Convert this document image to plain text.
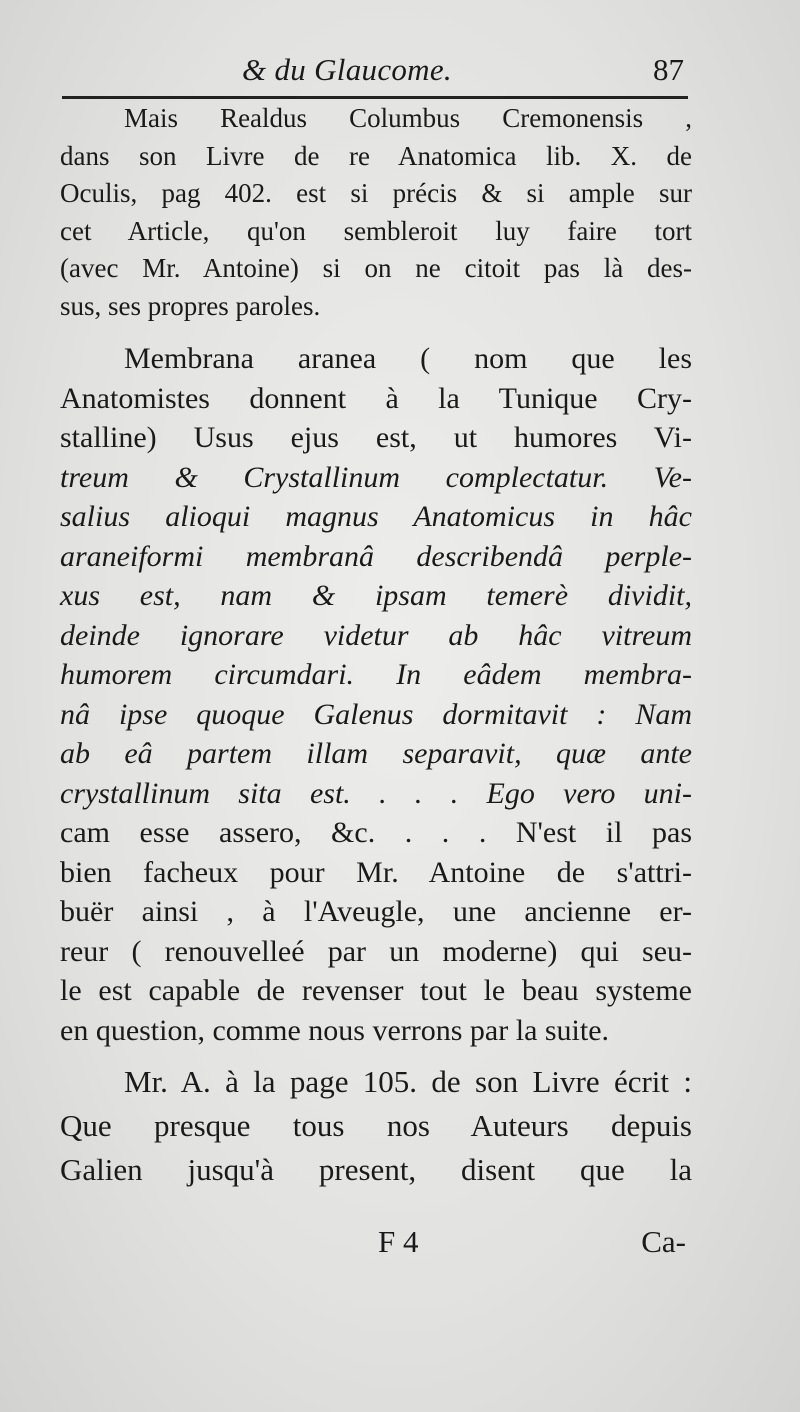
& du Glaucome.	87
Mais Realdus Columbus Cremonensis ,
dans son Livre de re Anatomica lib. X. de
Oculis, pag 402. est si précis & si ample sur
cet Article, qu'on sembleroit luy faire tort
(avec Mr. Antoine) si on ne citoit pas là des-
sus, ses propres paroles.
Membrana aranea ( nom que les
Anatomistes donnent à la Tunique Cry-
stalline) Usus ejus est, ut humores Vi-
treum & Crystallinum complectatur. Ve-
salius alioqui magnus Anatomicus in hâc
araneiformi membranâ describendâ perple-
xus est, nam & ipsam temerè dividit,
deinde ignorare videtur ab hâc vitreum
humorem circumdari. In eâdem membra-
nâ ipse quoque Galenus dormitavit : Nam
ab eâ partem illam separavit, quæ ante
crystallinum sita est. . . . Ego vero uni-
cam esse assero, &c. . . . N'est il pas
bien facheux pour Mr. Antoine de s'attri-
buër ainsi , à l'Aveugle, une ancienne er-
reur ( renouvelleé par un moderne) qui seu-
le est capable de revenser tout le beau systeme
en question, comme nous verrons par la suite.
Mr. A. à la page 105. de son Livre écrit :
Que presque tous nos Auteurs depuis
Galien jusqu'à present, disent que la
F 4	Ca-
